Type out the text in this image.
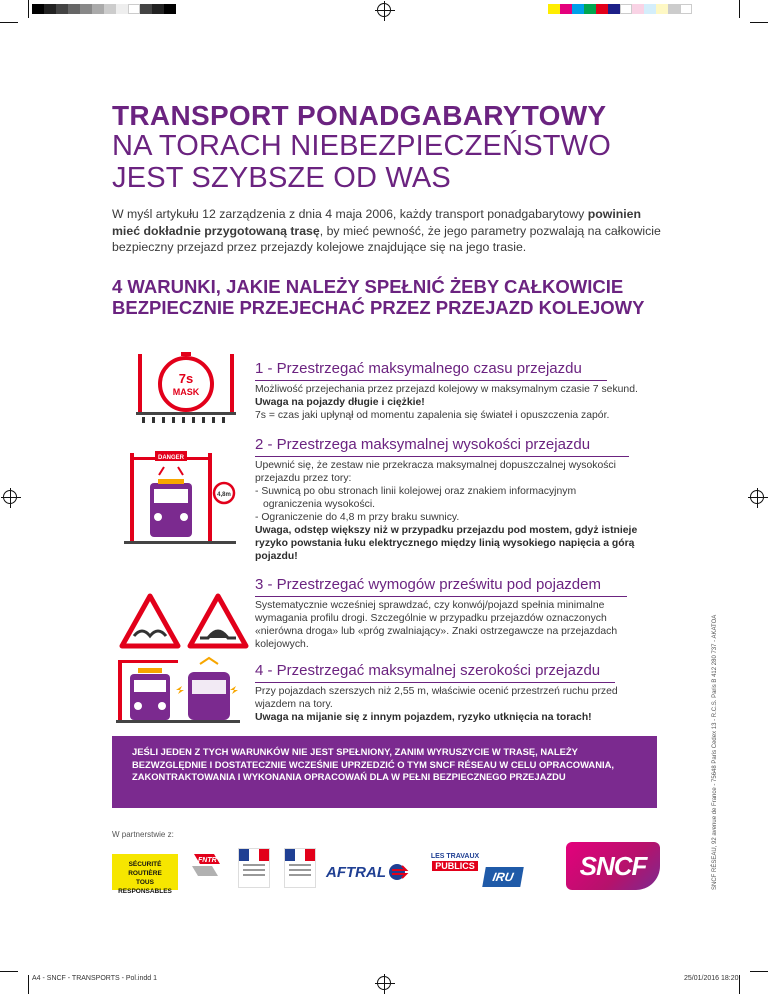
TRANSPORT PONADGABARYTOWY
NA TORACH NIEBEZPIECZEŃSTWO
JEST SZYBSZE OD WAS
W myśl artykułu 12 zarządzenia z dnia 4 maja 2006, każdy transport ponadgabarytowy powinien mieć dokładnie przygotowaną trasę, by mieć pewność, że jego parametry pozwalają na całkowicie bezpieczny przejazd przez przejazdy kolejowe znajdujące się na jego trasie.
4 WARUNKI, JAKIE NALEŻY SPEŁNIĆ ŻEBY CAŁKOWICIE BEZPIECZNIE PRZEJECHAĆ PRZEZ PRZEJAZD KOLEJOWY
7s
MASK
1 - Przestrzegać maksymalnego czasu przejazdu
Możliwość przejechania przez przejazd kolejowy w maksymalnym czasie 7 sekund. Uwaga na pojazdy długie i ciężkie!
7s = czas jaki upłynął od momentu zapalenia się świateł i opuszczenia zapór.
DANGER
4,8m
2 - Przestrzega maksymalnej wysokości przejazdu
Upewnić się, że zestaw nie przekracza maksymalnej dopuszczalnej wysokości przejazdu przez tory:
- Suwnicą po obu stronach linii kolejowej oraz znakiem informacyjnym
ograniczenia wysokości.
- Ograniczenie do 4,8 m przy braku suwnicy.
Uwaga, odstęp większy niż w przypadku przejazdu pod mostem, gdyż istnieje ryzyko powstania łuku elektrycznego między linią wysokiego napięcia a górą pojazdu!
3 - Przestrzegać wymogów prześwitu pod pojazdem
Systematycznie wcześniej sprawdzać, czy konwój/pojazd spełnia minimalne wymagania profilu drogi. Szczególnie w przypadku przejazdów oznaczonych «nierówna droga» lub «próg zwalniający». Znaki ostrzegawcze na przejazdach kolejowych.
4 - Przestrzegać maksymalnej szerokości przejazdu
Przy pojazdach szerszych niż 2,55 m, właściwie ocenić przestrzeń ruchu przed wjazdem na tory.
Uwaga na mijanie się z innym pojazdem, ryzyko utknięcia na torach!
JEŚLI JEDEN Z TYCH WARUNKÓW NIE JEST SPEŁNIONY, ZANIM WYRUSZYCIE W TRASĘ, NALEŻY BEZWZGLĘDNIE I DOSTATECZNIE WCZEŚNIE UPRZEDZIĆ O TYM SNCF RÉSEAU W CELU OPRACOWANIA, ZAKONTRAKTOWANIA I WYKONANIA OPRACOWAŃ DLA W PEŁNI BEZPIECZNEGO PRZEJAZDU
W partnerstwie z:
SÉCURITÉ ROUTIÈRE
TOUS RESPONSABLES
FNTR
AFTRAL
LES TRAVAUX
PUBLICS
IRU	SNCF	SNCF RÉSEAU, 92 avenue de France - 75648 Paris Cedex 13 - R.C.S. Paris B 412 280 737 - AKATOA
A4 - SNCF - TRANSPORTS - Pol.indd 1	25/01/2016 18:20
